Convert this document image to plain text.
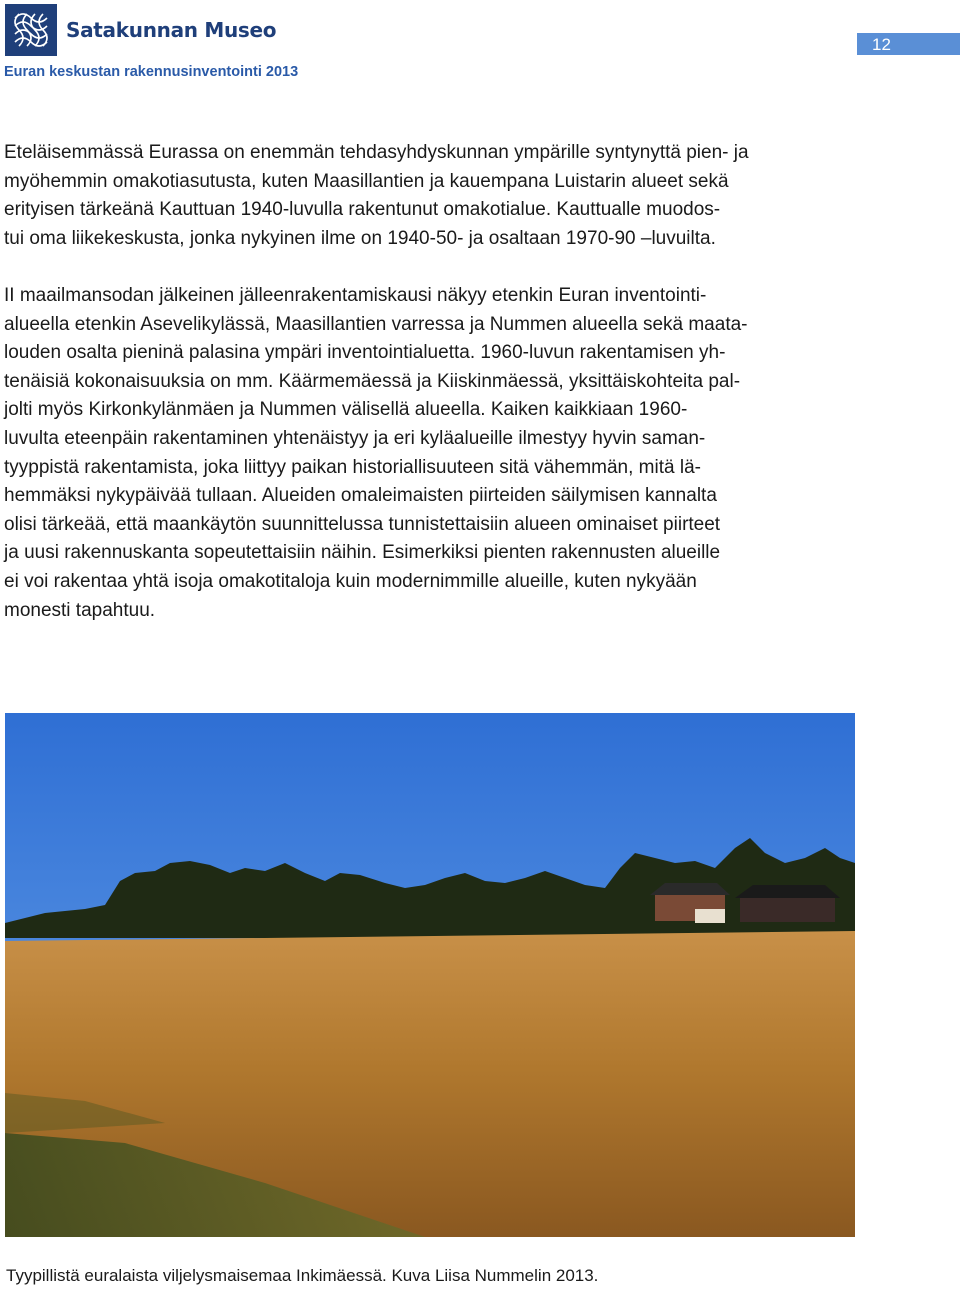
Satakunnan Museo
Euran keskustan rakennusinventointi 2013
12
Eteläisemmässä Eurassa on enemmän tehdasyhdyskunnan ympärille syntynyttä pien- ja
myöhemmin omakotiasutusta, kuten Maasillantien ja kauempana Luistarin alueet sekä
erityisen tärkeänä Kauttuan 1940-luvulla rakentunut omakotialue. Kauttualle muodos-
tui oma liikekeskusta, jonka nykyinen ilme on 1940-50- ja osaltaan 1970-90 –luvuilta.
II maailmansodan jälkeinen jälleenrakentamiskausi näkyy etenkin Euran inventointi-
alueella etenkin Asevelikylässä, Maasillantien varressa ja Nummen alueella sekä maata-
louden osalta pieninä palasina ympäri inventointialuetta. 1960-luvun rakentamisen yh-
tenäisiä kokonaisuuksia on mm. Käärmemäessä ja Kiiskinmäessä, yksittäiskohteita pal-
jolti myös Kirkonkylänmäen ja Nummen välisellä alueella. Kaiken kaikkiaan 1960-
luvulta eteenpäin rakentaminen yhtenäistyy ja eri kyläalueille ilmestyy hyvin saman-
tyyppistä rakentamista, joka liittyy paikan historiallisuuteen sitä vähemmän, mitä lä-
hemmäksi nykypäivää tullaan. Alueiden omaleimaisten piirteiden säilymisen kannalta
olisi tärkeää, että maankäytön suunnittelussa tunnistettaisiin alueen ominaiset piirteet
ja uusi rakennuskanta sopeutettaisiin näihin. Esimerkiksi pienten rakennusten alueille
ei voi rakentaa yhtä isoja omakotitaloja kuin modernimmille alueille, kuten nykyään
monesti tapahtuu.
Tyypillistä euralaista viljelysmaisemaa Inkimäessä. Kuva Liisa Nummelin 2013.
